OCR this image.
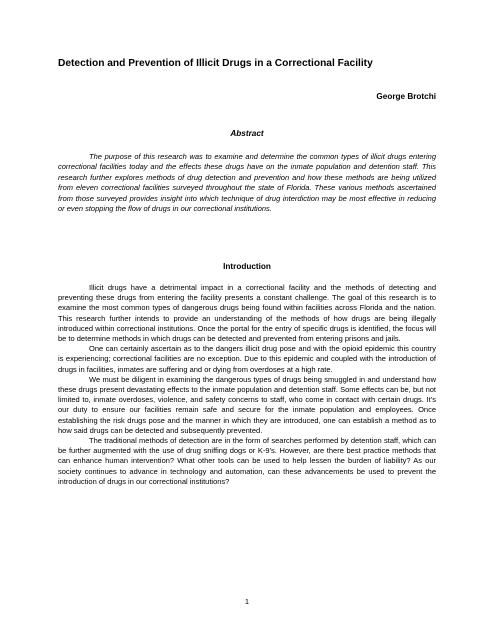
Detection and Prevention of Illicit Drugs in a Correctional Facility
George Brotchi
Abstract

The purpose of this research was to examine and determine the common types of illicit drugs entering correctional facilities today and the effects these drugs have on the inmate population and detention staff. This research further explores methods of drug detection and prevention and how these methods are being utilized from eleven correctional facilities surveyed throughout the state of Florida. These various methods ascertained from those surveyed provides insight into which technique of drug interdiction may be most effective in reducing or even stopping the flow of drugs in our correctional institutions.

Introduction

Illicit drugs have a detrimental impact in a correctional facility and the methods of detecting and preventing these drugs from entering the facility presents a constant challenge. The goal of this research is to examine the most common types of dangerous drugs being found within facilities across Florida and the nation. This research further intends to provide an understanding of the methods of how drugs are being illegally introduced within correctional institutions. Once the portal for the entry of specific drugs is identified, the focus will be to determine methods in which drugs can be detected and prevented from entering prisons and jails.

One can certainly ascertain as to the dangers illicit drug pose and with the opioid epidemic this country is experiencing; correctional facilities are no exception. Due to this epidemic and coupled with the introduction of drugs in facilities, inmates are suffering and or dying from overdoses at a high rate.

We must be diligent in examining the dangerous types of drugs being smuggled in and understand how these drugs present devastating effects to the inmate population and detention staff. Some effects can be, but not limited to, inmate overdoses, violence, and safety concerns to staff, who come in contact with certain drugs. It’s our duty to ensure our facilities remain safe and secure for the inmate population and employees. Once establishing the risk drugs pose and the manner in which they are introduced, one can establish a method as to how said drugs can be detected and subsequently prevented.

The traditional methods of detection are in the form of searches performed by detention staff, which can be further augmented with the use of drug sniffing dogs or K-9’s. However, are there best practice methods that can enhance human intervention? What other tools can be used to help lessen the burden of liability? As our society continues to advance in technology and automation, can these advancements be used to prevent the introduction of drugs in our correctional institutions?

1
